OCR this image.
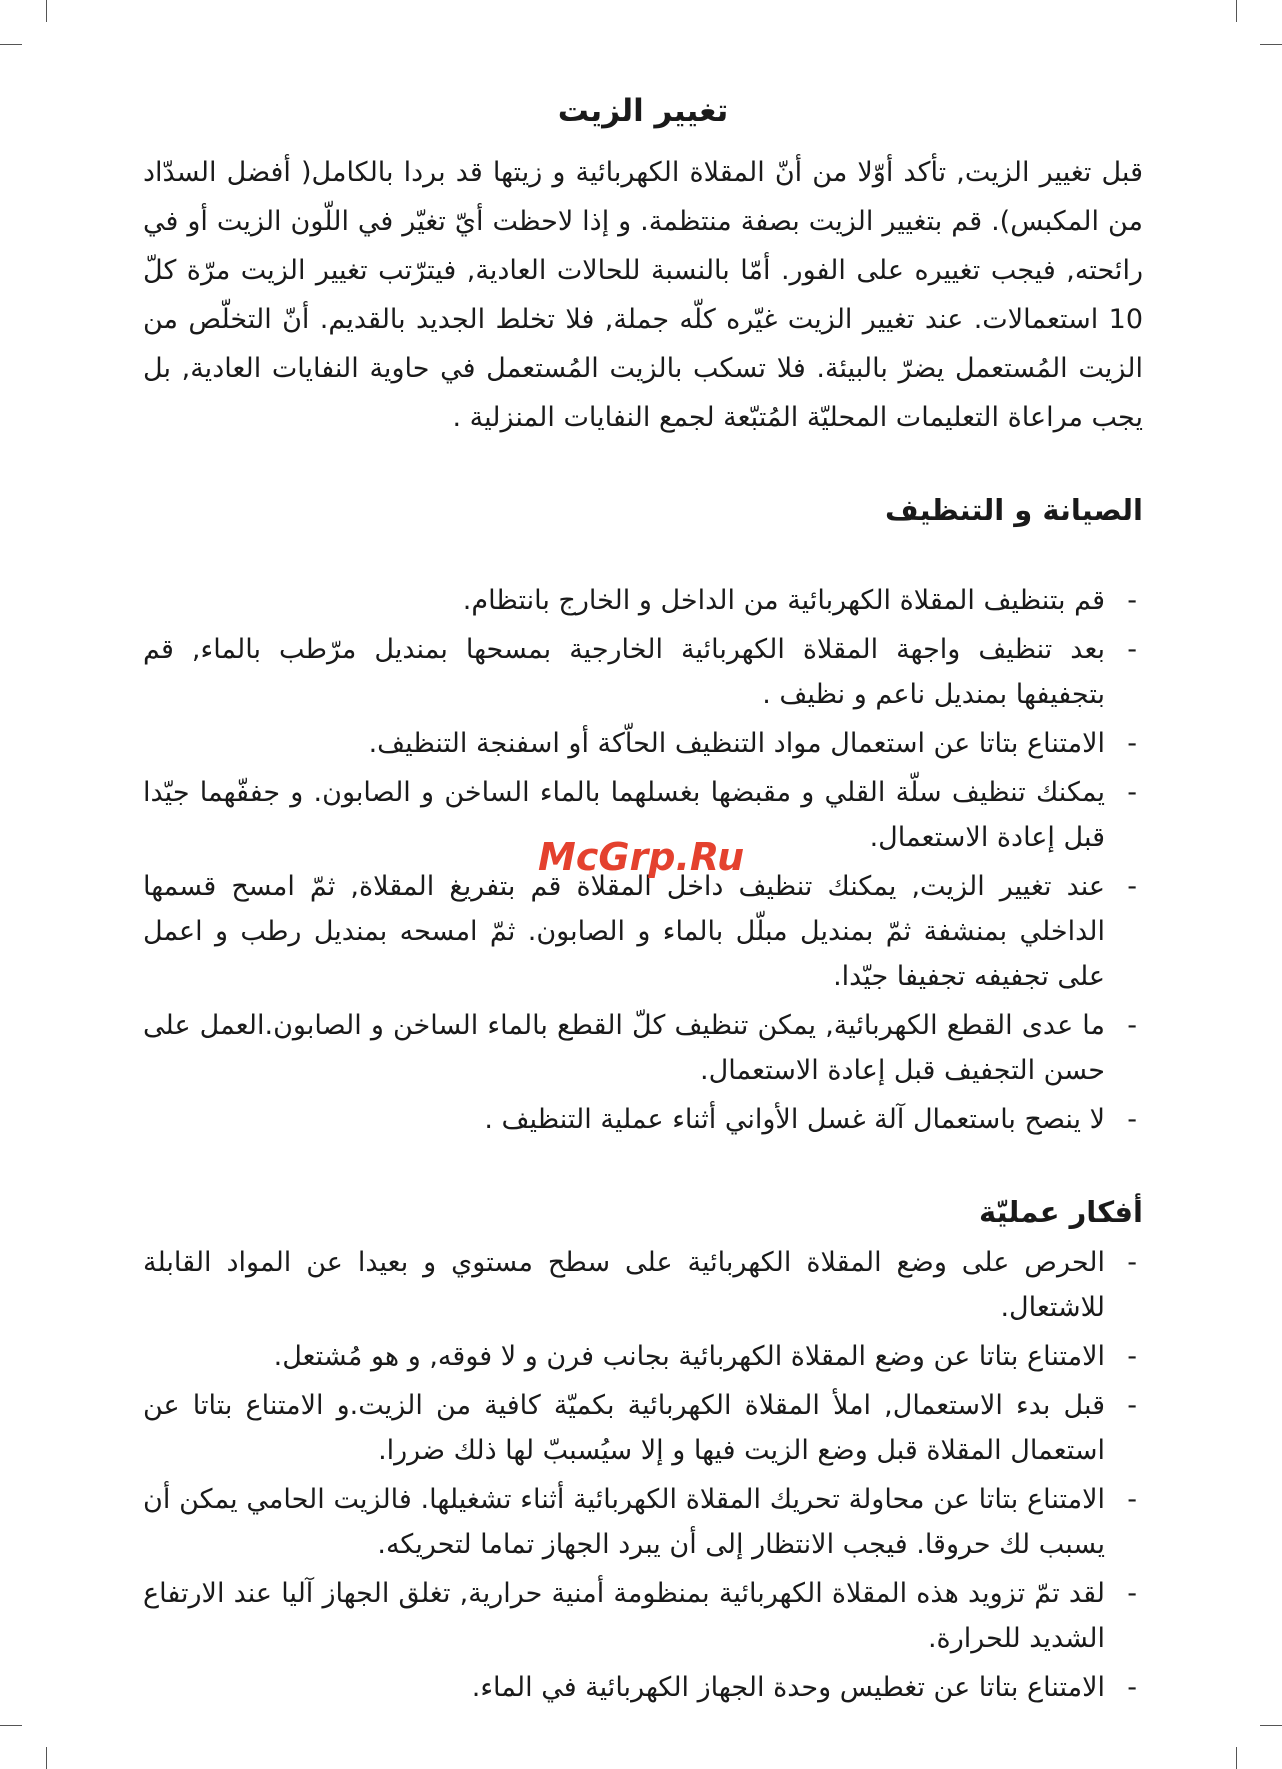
تغيير الزيت

قبل تغيير الزيت, تأكد أوّلا من أنّ المقلاة الكهربائية و زيتها قد بردا بالكامل( أفضل السدّاد من المكبس). قم بتغيير الزيت بصفة منتظمة. و إذا لاحظت أيّ تغيّر في اللّون الزيت أو في رائحته, فيجب تغييره على الفور. أمّا بالنسبة للحالات العادية, فيترّتب تغيير الزيت مرّة كلّ 10 استعمالات. عند تغيير الزيت غيّره كلّه جملة, فلا تخلط الجديد بالقديم. أنّ التخلّص من الزيت المُستعمل يضرّ بالبيئة. فلا تسكب بالزيت المُستعمل في حاوية النفايات العادية, بل يجب مراعاة التعليمات المحليّة المُتبّعة لجمع النفايات المنزلية .

الصيانة و التنظيف
-
قم بتنظيف المقلاة الكهربائية من الداخل و الخارج بانتظام.
-
بعد تنظيف واجهة المقلاة الكهربائية الخارجية بمسحها بمنديل مرّطب بالماء, قم بتجفيفها بمنديل ناعم و نظيف .
-
الامتناع بتاتا عن استعمال مواد التنظيف الحاّكة أو اسفنجة التنظيف.
-
يمكنك تنظيف سلّة القلي و مقبضها بغسلهما بالماء الساخن و الصابون. و جففّهما جيّدا قبل إعادة الاستعمال.
-
عند تغيير الزيت, يمكنك تنظيف داخل المقلاة قم بتفريغ المقلاة, ثمّ امسح قسمها الداخلي بمنشفة ثمّ بمنديل مبلّل بالماء و الصابون. ثمّ امسحه بمنديل رطب و اعمل على تجفيفه تجفيفا جيّدا.
-
ما عدى القطع الكهربائية, يمكن تنظيف كلّ القطع بالماء الساخن و الصابون.العمل على حسن التجفيف قبل إعادة الاستعمال.
-
لا ينصح باستعمال آلة غسل الأواني أثناء عملية التنظيف .
أفكار عمليّة
-
الحرص على وضع المقلاة الكهربائية على سطح مستوي و بعيدا عن المواد القابلة للاشتعال.
-
الامتناع بتاتا عن وضع المقلاة الكهربائية بجانب فرن و لا فوقه, و هو مُشتعل.
-
قبل بدء الاستعمال, املأ المقلاة الكهربائية بكميّة كافية من الزيت.و الامتناع بتاتا عن استعمال المقلاة قبل وضع الزيت فيها و إلا سيُسببّ لها ذلك ضررا.
-
الامتناع بتاتا عن محاولة تحريك المقلاة الكهربائية أثناء تشغيلها. فالزيت الحامي يمكن أن يسبب لك حروقا. فيجب الانتظار إلى أن يبرد الجهاز تماما لتحريكه.
-
لقد تمّ تزويد هذه المقلاة الكهربائية بمنظومة أمنية حرارية, تغلق الجهاز آليا عند الارتفاع الشديد للحرارة.
-
الامتناع بتاتا عن تغطيس وحدة الجهاز الكهربائية في الماء.
McGrp.Ru
